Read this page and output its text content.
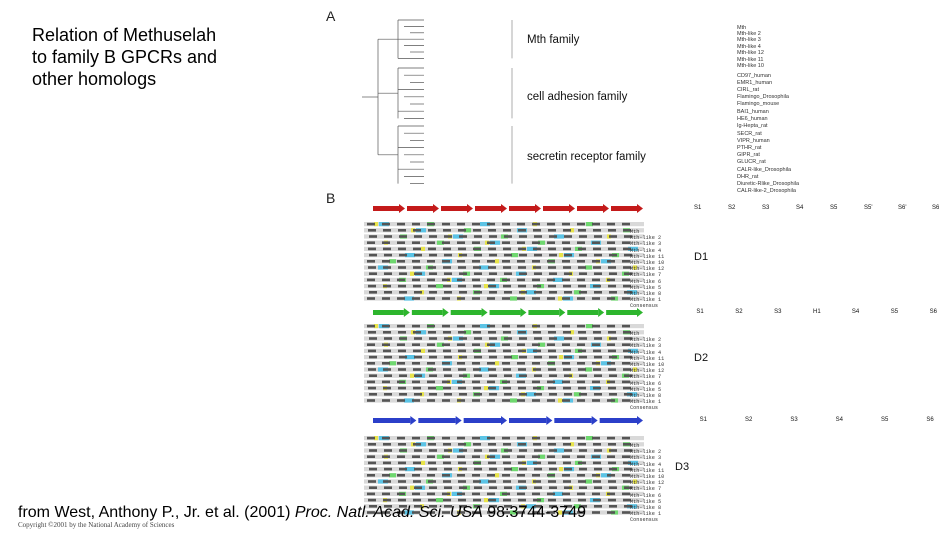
Relation of Methuselah
to family B GPCRs and
other homologs
A
Mth
Mth-like 2
Mth-like 3
Mth-like 4
Mth-like 12
Mth-like 11
Mth-like 10
CD97_human
EMR1_human
CIRL_rat
Flamingo_Drosophila
Flamingo_mouse
BAI1_human
HE6_human
Ig-Hepta_rat
SECR_rat
VIPR_human
PTHR_rat
GIPR_rat
GLUCR_rat
CALR-like_Drosophila
DHR_rat
Diuretic-Rlike_Drosophila
CALR-like-2_Drosophila
Mth family
cell adhesion family
secretin receptor family
B
S1	S2	S3	S4	S5	S5'	S6'	S6
Mth
Mth-like 2
Mth-like 3
Mth-like 4
Mth-like 11
Mth-like 10
Mth-like 12
Mth-like 7
Mth-like 6
Mth-like 5
Mth-like 8
Mth-like 1
Consensus
S1	S2	S3	H1	S4	S5	S6
Mth
Mth-like 2
Mth-like 3
Mth-like 4
Mth-like 11
Mth-like 10
Mth-like 12
Mth-like 7
Mth-like 6
Mth-like 5
Mth-like 8
Mth-like 1
Consensus
S1	S2	S3	S4	S5	S6
Mth
Mth-like 2
Mth-like 3
Mth-like 4
Mth-like 11
Mth-like 10
Mth-like 12
Mth-like 7
Mth-like 6
Mth-like 5
Mth-like 8
Mth-like 1
Consensus
D1
D2
D3
from West, Anthony P., Jr. et al. (2001) Proc. Natl. Acad. Sci. USA 98:3744-3749
Copyright ©2001 by the National Academy of Sciences
